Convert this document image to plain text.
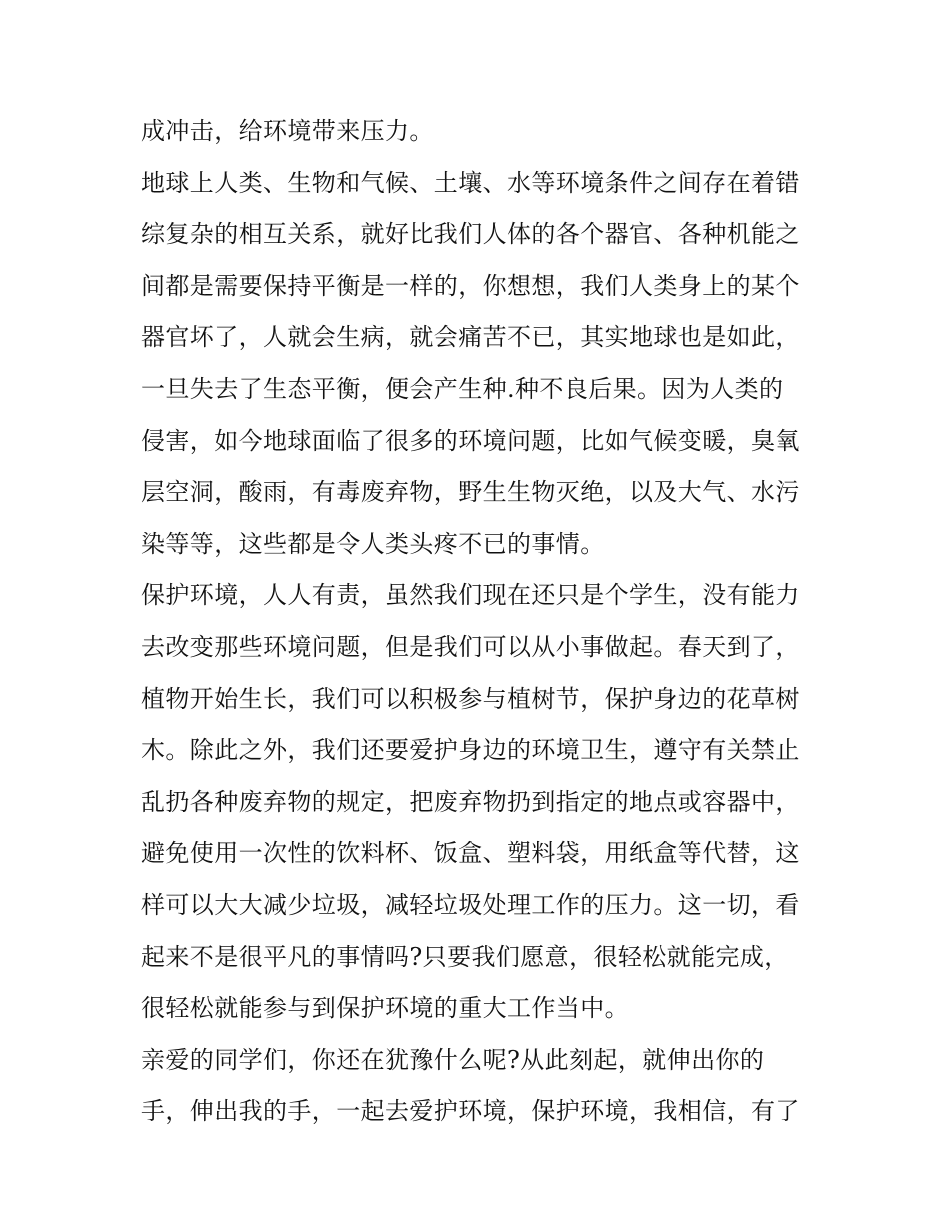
成冲击，给环境带来压力。
地球上人类、生物和气候、土壤、水等环境条件之间存在着错
综复杂的相互关系，就好比我们人体的各个器官、各种机能之
间都是需要保持平衡是一样的，你想想，我们人类身上的某个
器官坏了，人就会生病，就会痛苦不已，其实地球也是如此，
一旦失去了生态平衡，便会产生种.种不良后果。因为人类的
侵害，如今地球面临了很多的环境问题，比如气候变暖，臭氧
层空洞，酸雨，有毒废弃物，野生生物灭绝，以及大气、水污
染等等，这些都是令人类头疼不已的事情。
保护环境，人人有责，虽然我们现在还只是个学生，没有能力
去改变那些环境问题，但是我们可以从小事做起。春天到了，
植物开始生长，我们可以积极参与植树节，保护身边的花草树
木。除此之外，我们还要爱护身边的环境卫生，遵守有关禁止
乱扔各种废弃物的规定，把废弃物扔到指定的地点或容器中，
避免使用一次性的饮料杯、饭盒、塑料袋，用纸盒等代替，这
样可以大大减少垃圾，减轻垃圾处理工作的压力。这一切，看
起来不是很平凡的事情吗?只要我们愿意，很轻松就能完成，
很轻松就能参与到保护环境的重大工作当中。
亲爱的同学们，你还在犹豫什么呢?从此刻起，就伸出你的
手，伸出我的手，一起去爱护环境，保护环境，我相信，有了
